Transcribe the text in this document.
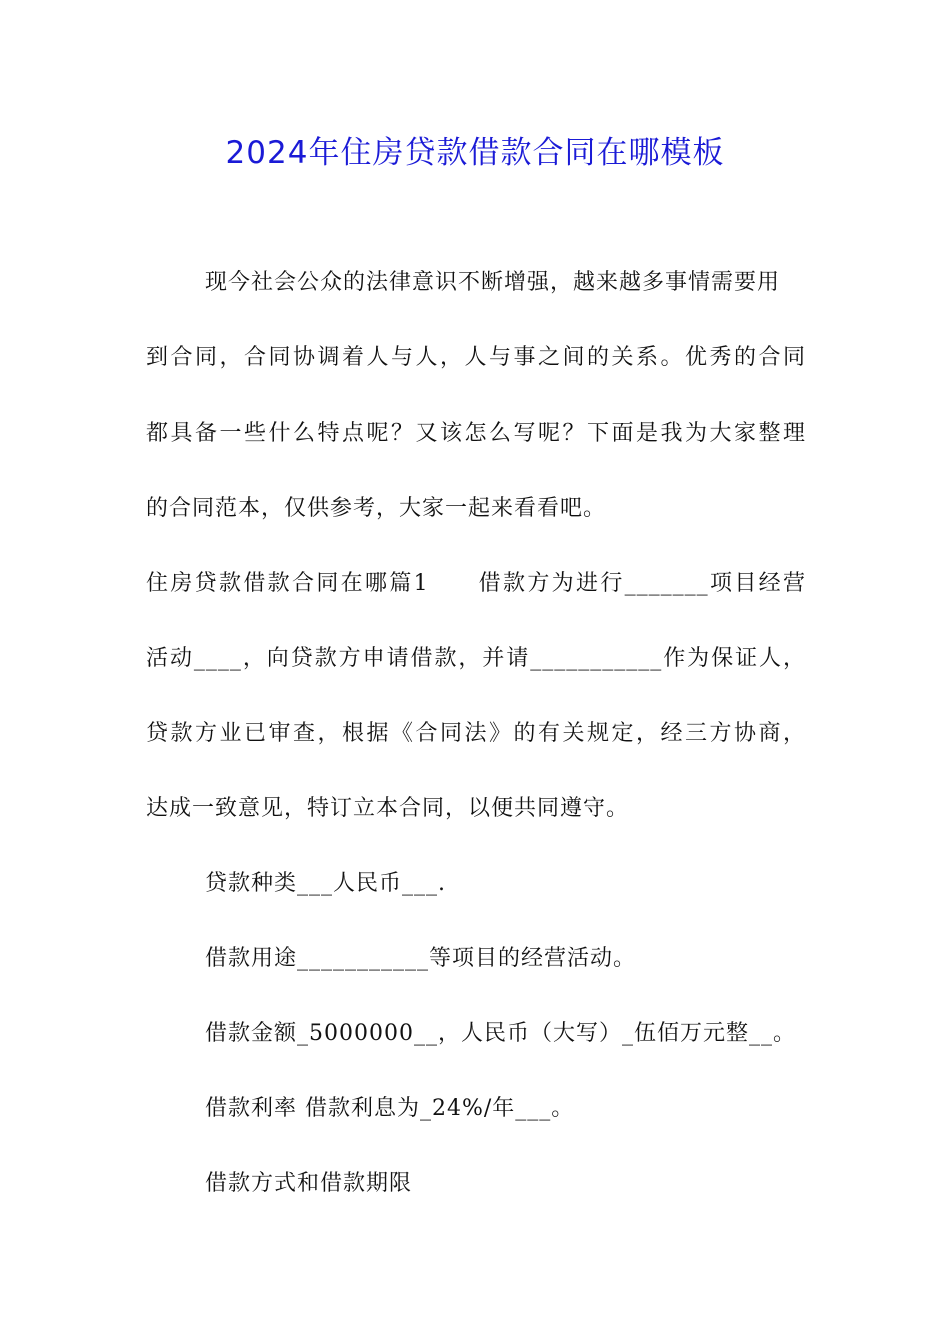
2024年住房贷款借款合同在哪模板
现今社会公众的法律意识不断增强，越来越多事情需要用
到合同，合同协调着人与人，人与事之间的关系。优秀的合同
都具备一些什么特点呢？又该怎么写呢？下面是我为大家整理
的合同范本，仅供参考，大家一起来看看吧。
住房贷款借款合同在哪篇1　　借款方为进行_______项目经营
活动____，向贷款方申请借款，并请___________作为保证人，
贷款方业已审查，根据《合同法》的有关规定，经三方协商，
达成一致意见，特订立本合同，以便共同遵守。
贷款种类___人民币___.
借款用途___________等项目的经营活动。
借款金额_5000000__，人民币（大写）_伍佰万元整__。
借款利率 借款利息为_24%/年___。
借款方式和借款期限
